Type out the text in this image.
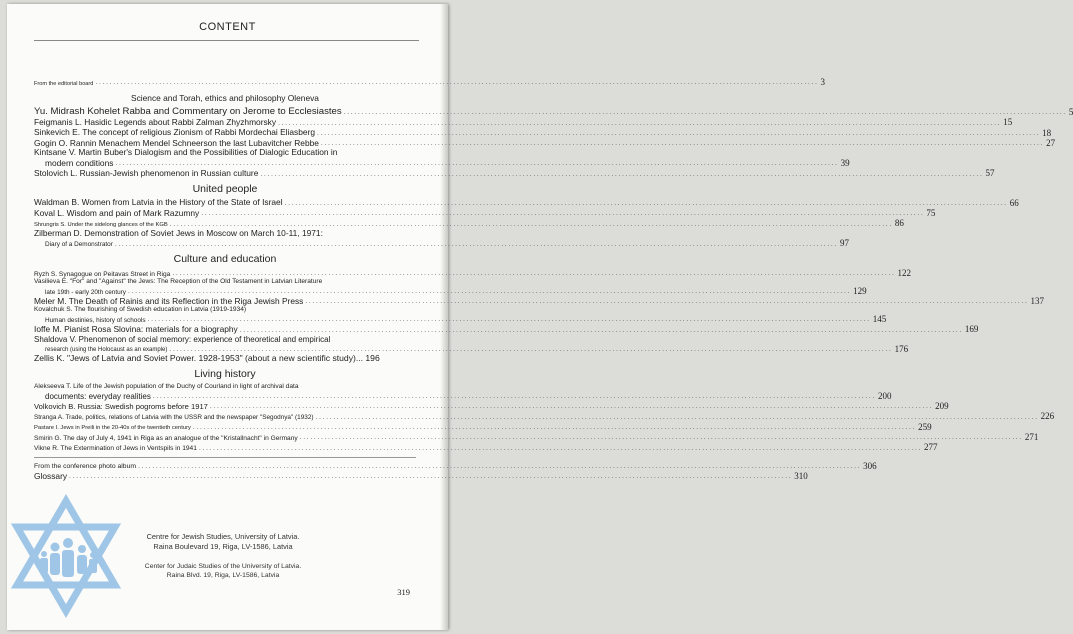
CONTENT
From the editorial board .....	3
Science and Torah, ethics and philosophy Oleneva
Yu. Midrash Kohelet Rabba and Commentary on Jerome to Ecclesiastes .....	5
Feigmanis L. Hasidic Legends about Rabbi Zalman Zhyzhmorsky .....	15
Sinkevich E. The concept of religious Zionism of Rabbi Mordechai Eliasberg .....	18
Gogin O. Rannin Menachem Mendel Schneerson the last Lubavitcher Rebbe .....	27
Kintsane V. Martin Buber's Dialogism and the Possibilities of Dialogic Education in
modern conditions .....	39
Stolovich L. Russian-Jewish phenomenon in Russian culture .....	57
United people
Waldman B. Women from Latvia in the History of the State of Israel .....	66
Koval L. Wisdom and pain of Mark Razumny .....	75
Shrungris S. Under the sidelong glances of the KGB .....	86
Zilberman D. Demonstration of Soviet Jews in Moscow on March 10-11, 1971:
Diary of a Demonstrator .....	97
Culture and education
Ryzh S. Synagogue on Peitavas Street in Riga .....	122
Vasilieva E. "For" and "Against" the Jews: The Reception of the Old Testament in Latvian Literature
late 19th - early 20th century .....	129
Meler M. The Death of Rainis and its Reflection in the Riga Jewish Press .....	137
Kovalchuk S. The flourishing of Swedish education in Latvia (1919-1934)
Human destinies, history of schools .....	145
Ioffe M. Pianist Rosa Slovina: materials for a biography .....	169
Shaldova V. Phenomenon of social memory: experience of theoretical and empirical
research (using the Holocaust as an example) .....	176
Zellis K. "Jews of Latvia and Soviet Power. 1928-1953" (about a new scientific study)... 196
Living history
Alekseeva T. Life of the Jewish population of the Duchy of Courland in light of archival data
documents: everyday realities .....	200
Volkovich B. Russia: Swedish pogroms before 1917 .....	209
Stranga A. Trade, politics, relations of Latvia with the USSR and the newspaper "Segodnya" (1932) .....	226
Pastare I. Jews in Preili in the 20-40s of the twentieth century .....	259
Smirin G. The day of July 4, 1941 in Riga as an analogue of the "Kristallnacht" in Germany .....	271
Vikne R. The Extermination of Jews in Ventspils in 1941 .....	277
From the conference photo album .....	306
Glossary .....	310
Centre for Jewish Studies, University of Latvia.
Raina Boulevard 19, Riga, LV-1586, Latvia
Center for Judaic Studies of the University of Latvia.
Raina Blvd. 19, Riga, LV-1586, Latvia
319
